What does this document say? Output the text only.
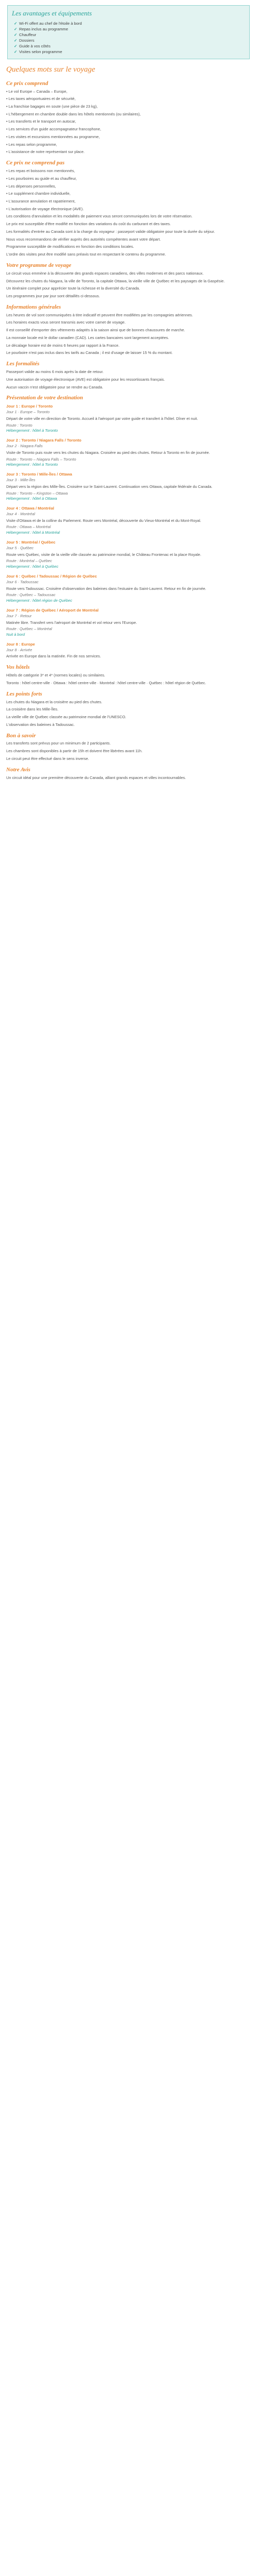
Les avantages et équipements
✓ Wi-Fi offert au chef de l'étoile à bord
✓ Repas inclus au programme
✓ Chauffeur
✓ Dossiers
✓ Guide à vos côtés
✓ Visites selon programme
Quelques mots sur le voyage
Ce prix comprend

• Le vol Europe – Canada – Europe,

• Les taxes aéroportuaires et de sécurité,

• La franchise bagages en soute (une pièce de 23 kg),

• L'hébergement en chambre double dans les hôtels mentionnés (ou similaires),

• Les transferts et le transport en autocar,

• Les services d'un guide accompagnateur francophone,

• Les visites et excursions mentionnées au programme,

• Les repas selon programme,

• L'assistance de notre représentant sur place.

Ce prix ne comprend pas

• Les repas et boissons non mentionnés,

• Les pourboires au guide et au chauffeur,

• Les dépenses personnelles,

• Le supplément chambre individuelle,

• L'assurance annulation et rapatriement,

• L'autorisation de voyage électronique (AVE).

Les conditions d'annulation et les modalités de paiement vous seront communiquées lors de votre réservation.

Le prix est susceptible d'être modifié en fonction des variations du coût du carburant et des taxes.

Les formalités d'entrée au Canada sont à la charge du voyageur : passeport valide obligatoire pour toute la durée du séjour.

Nous vous recommandons de vérifier auprès des autorités compétentes avant votre départ.

Programme susceptible de modifications en fonction des conditions locales.

L'ordre des visites peut être modifié sans préavis tout en respectant le contenu du programme.

Votre programme de voyage

Le circuit vous emmène à la découverte des grands espaces canadiens, des villes modernes et des parcs nationaux.

Découvrez les chutes du Niagara, la ville de Toronto, la capitale Ottawa, la vieille ville de Québec et les paysages de la Gaspésie.

Un itinéraire complet pour apprécier toute la richesse et la diversité du Canada.

Les programmes jour par jour sont détaillés ci-dessous.

Informations générales

Les heures de vol sont communiquées à titre indicatif et peuvent être modifiées par les compagnies aériennes.

Les horaires exacts vous seront transmis avec votre carnet de voyage.

Il est conseillé d'emporter des vêtements adaptés à la saison ainsi que de bonnes chaussures de marche.

La monnaie locale est le dollar canadien (CAD). Les cartes bancaires sont largement acceptées.

Le décalage horaire est de moins 6 heures par rapport à la France.

Le pourboire n'est pas inclus dans les tarifs au Canada ; il est d'usage de laisser 15 % du montant.

Les formalités

Passeport valide au moins 6 mois après la date de retour.

Une autorisation de voyage électronique (AVE) est obligatoire pour les ressortissants français.

Aucun vaccin n'est obligatoire pour se rendre au Canada.

Présentation de votre destination
Jour 1 : Europe / Toronto
Jour 1 · Europe – Toronto
Départ de votre ville en direction de Toronto. Accueil à l'aéroport par votre guide et transfert à l'hôtel. Dîner et nuit.
Route : Toronto
Hébergement : hôtel à Toronto
Jour 2 : Toronto / Niagara Falls / Toronto
Jour 2 · Niagara Falls
Visite de Toronto puis route vers les chutes du Niagara. Croisière au pied des chutes. Retour à Toronto en fin de journée.
Route : Toronto – Niagara Falls – Toronto
Hébergement : hôtel à Toronto
Jour 3 : Toronto / Mille-Îles / Ottawa
Jour 3 · Mille-Îles
Départ vers la région des Mille-Îles. Croisière sur le Saint-Laurent. Continuation vers Ottawa, capitale fédérale du Canada.
Route : Toronto – Kingston – Ottawa
Hébergement : hôtel à Ottawa
Jour 4 : Ottawa / Montréal
Jour 4 · Montréal
Visite d'Ottawa et de la colline du Parlement. Route vers Montréal, découverte du Vieux-Montréal et du Mont-Royal.
Route : Ottawa – Montréal
Hébergement : hôtel à Montréal
Jour 5 : Montréal / Québec
Jour 5 · Québec
Route vers Québec, visite de la vieille ville classée au patrimoine mondial, le Château Frontenac et la place Royale.
Route : Montréal – Québec
Hébergement : hôtel à Québec
Jour 6 : Québec / Tadoussac / Région de Québec
Jour 6 · Tadoussac
Route vers Tadoussac. Croisière d'observation des baleines dans l'estuaire du Saint-Laurent. Retour en fin de journée.
Route : Québec – Tadoussac
Hébergement : hôtel région de Québec
Jour 7 : Région de Québec / Aéroport de Montréal
Jour 7 · Retour
Matinée libre. Transfert vers l'aéroport de Montréal et vol retour vers l'Europe.
Route : Québec – Montréal
Nuit à bord
Jour 8 : Europe
Jour 8 · Arrivée
Arrivée en Europe dans la matinée. Fin de nos services.
Vos hôtels

Hôtels de catégorie 3* et 4* (normes locales) ou similaires.

Toronto : hôtel centre-ville · Ottawa : hôtel centre-ville · Montréal : hôtel centre-ville · Québec : hôtel région de Québec.

Les points forts

Les chutes du Niagara et la croisière au pied des chutes.

La croisière dans les Mille-Îles.

La vieille ville de Québec classée au patrimoine mondial de l'UNESCO.

L'observation des baleines à Tadoussac.

Bon à savoir

Les transferts sont prévus pour un minimum de 2 participants.

Les chambres sont disponibles à partir de 15h et doivent être libérées avant 11h.

Le circuit peut être effectué dans le sens inverse.

Notre Avis

Un circuit idéal pour une première découverte du Canada, alliant grands espaces et villes incontournables.
